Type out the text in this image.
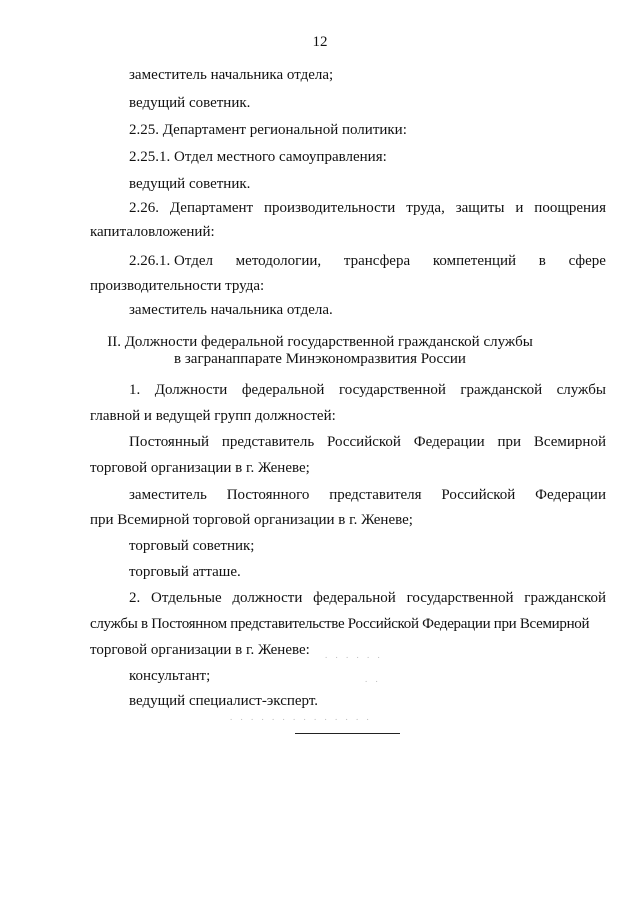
12
заместитель начальника отдела;
ведущий советник.
2.25. Департамент региональной политики:
2.25.1. Отдел местного самоуправления:
ведущий советник.
2.26. Департамент производительности труда, защиты и поощрения
капиталовложений:
2.26.1. Отдел методологии, трансфера компетенций в сфере
производительности труда:
заместитель начальника отдела.
II. Должности федеральной государственной гражданской службы
в загранаппарате Минэкономразвития России
1. Должности федеральной государственной гражданской службы
главной и ведущей групп должностей:
Постоянный представитель Российской Федерации при Всемирной
торговой организации в г. Женеве;
заместитель Постоянного представителя Российской Федерации
при Всемирной торговой организации в г. Женеве;
торговый советник;
торговый атташе.
2. Отдельные должности федеральной государственной гражданской
службы в Постоянном представительстве Российской Федерации при Всемирной
торговой организации в г. Женеве:
консультант;
ведущий специалист-эксперт.
. . . . . .
. .
. . . . . . . . . . . . . .
